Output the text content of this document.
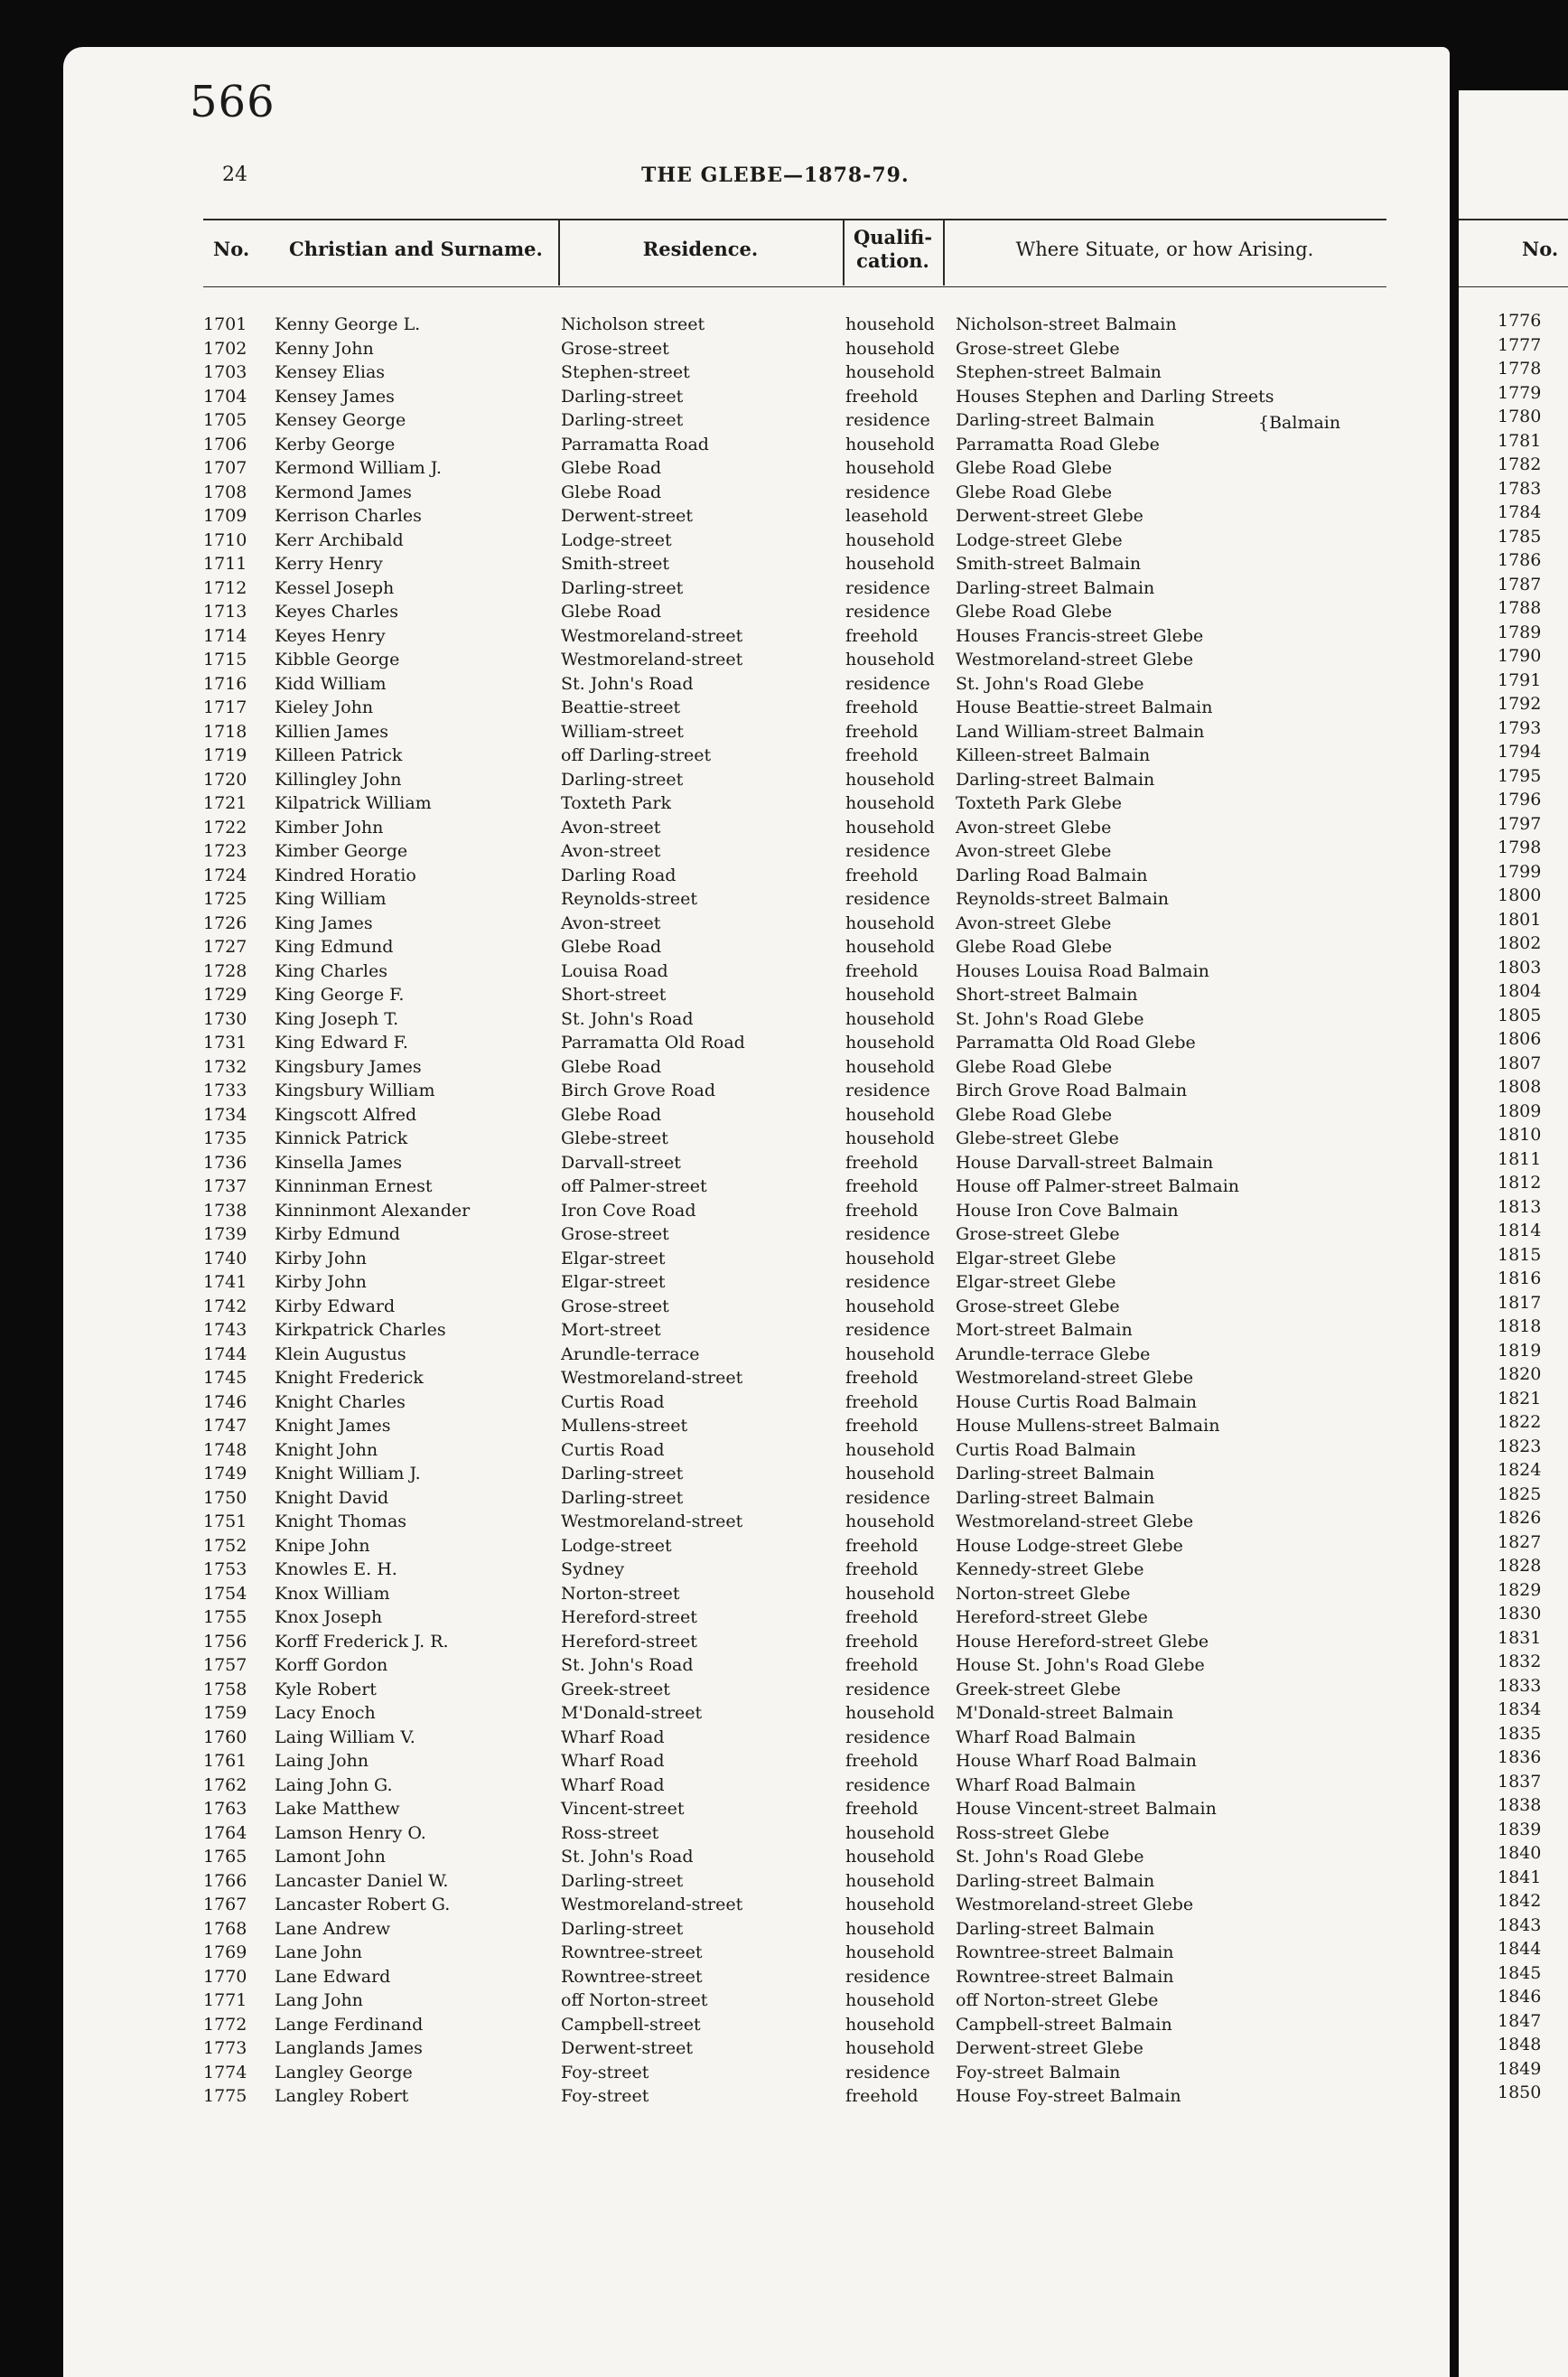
566
24	THE GLEBE—1878-79.
No. Christian and Surname.	Residence.
Qualifi-
cation.	Where Situate, or how Arising.
1701 Kenny George L.	Nicholson street	household Nicholson-street Balmain
1702 Kenny John	Grose-street	household Grose-street Glebe
1703 Kensey Elias	Stephen-street	household Stephen-street Balmain
1704 Kensey James	Darling-street	freehold Houses Stephen and Darling Streets
1705 Kensey George	Darling-street	residence Darling-street Balmain
1706 Kerby George	Parramatta Road	household Parramatta Road Glebe
1707 Kermond William J.	Glebe Road	household Glebe Road Glebe
1708 Kermond James	Glebe Road	residence Glebe Road Glebe
1709 Kerrison Charles	Derwent-street	leasehold Derwent-street Glebe
1710 Kerr Archibald	Lodge-street	household Lodge-street Glebe
1711 Kerry Henry	Smith-street	household Smith-street Balmain
1712 Kessel Joseph	Darling-street	residence Darling-street Balmain
1713 Keyes Charles	Glebe Road	residence Glebe Road Glebe
1714 Keyes Henry	Westmoreland-street	freehold Houses Francis-street Glebe
1715 Kibble George	Westmoreland-street	household Westmoreland-street Glebe
1716 Kidd William	St. John's Road	residence St. John's Road Glebe
1717 Kieley John	Beattie-street	freehold House Beattie-street Balmain
1718 Killien James	William-street	freehold Land William-street Balmain
1719 Killeen Patrick	off Darling-street	freehold Killeen-street Balmain
1720 Killingley John	Darling-street	household Darling-street Balmain
1721 Kilpatrick William	Toxteth Park	household Toxteth Park Glebe
1722 Kimber John	Avon-street	household Avon-street Glebe
1723 Kimber George	Avon-street	residence Avon-street Glebe
1724 Kindred Horatio	Darling Road	freehold Darling Road Balmain
1725 King William	Reynolds-street	residence Reynolds-street Balmain
1726 King James	Avon-street	household Avon-street Glebe
1727 King Edmund	Glebe Road	household Glebe Road Glebe
1728 King Charles	Louisa Road	freehold Houses Louisa Road Balmain
1729 King George F.	Short-street	household Short-street Balmain
1730 King Joseph T.	St. John's Road	household St. John's Road Glebe
1731 King Edward F.	Parramatta Old Road	household Parramatta Old Road Glebe
1732 Kingsbury James	Glebe Road	household Glebe Road Glebe
1733 Kingsbury William	Birch Grove Road	residence Birch Grove Road Balmain
1734 Kingscott Alfred	Glebe Road	household Glebe Road Glebe
1735 Kinnick Patrick	Glebe-street	household Glebe-street Glebe
1736 Kinsella James	Darvall-street	freehold House Darvall-street Balmain
1737 Kinninman Ernest	off Palmer-street	freehold House off Palmer-street Balmain
1738 Kinninmont Alexander	Iron Cove Road	freehold House Iron Cove Balmain
1739 Kirby Edmund	Grose-street	residence Grose-street Glebe
1740 Kirby John	Elgar-street	household Elgar-street Glebe
1741 Kirby John	Elgar-street	residence Elgar-street Glebe
1742 Kirby Edward	Grose-street	household Grose-street Glebe
1743 Kirkpatrick Charles	Mort-street	residence Mort-street Balmain
1744 Klein Augustus	Arundle-terrace	household Arundle-terrace Glebe
1745 Knight Frederick	Westmoreland-street	freehold Westmoreland-street Glebe
1746 Knight Charles	Curtis Road	freehold House Curtis Road Balmain
1747 Knight James	Mullens-street	freehold House Mullens-street Balmain
1748 Knight John	Curtis Road	household Curtis Road Balmain
1749 Knight William J.	Darling-street	household Darling-street Balmain
1750 Knight David	Darling-street	residence Darling-street Balmain
1751 Knight Thomas	Westmoreland-street	household Westmoreland-street Glebe
1752 Knipe John	Lodge-street	freehold House Lodge-street Glebe
1753 Knowles E. H.	Sydney	freehold Kennedy-street Glebe
1754 Knox William	Norton-street	household Norton-street Glebe
1755 Knox Joseph	Hereford-street	freehold Hereford-street Glebe
1756 Korff Frederick J. R.	Hereford-street	freehold House Hereford-street Glebe
1757 Korff Gordon	St. John's Road	freehold House St. John's Road Glebe
1758 Kyle Robert	Greek-street	residence Greek-street Glebe
1759 Lacy Enoch	M'Donald-street	household M'Donald-street Balmain
1760 Laing William V.	Wharf Road	residence Wharf Road Balmain
1761 Laing John	Wharf Road	freehold House Wharf Road Balmain
1762 Laing John G.	Wharf Road	residence Wharf Road Balmain
1763 Lake Matthew	Vincent-street	freehold House Vincent-street Balmain
1764 Lamson Henry O.	Ross-street	household Ross-street Glebe
1765 Lamont John	St. John's Road	household St. John's Road Glebe
1766 Lancaster Daniel W.	Darling-street	household Darling-street Balmain
1767 Lancaster Robert G.	Westmoreland-street	household Westmoreland-street Glebe
1768 Lane Andrew	Darling-street	household Darling-street Balmain
1769 Lane John	Rowntree-street	household Rowntree-street Balmain
1770 Lane Edward	Rowntree-street	residence Rowntree-street Balmain
1771 Lang John	off Norton-street	household off Norton-street Glebe
1772 Lange Ferdinand	Campbell-street	household Campbell-street Balmain
1773 Langlands James	Derwent-street	household Derwent-street Glebe
1774 Langley George	Foy-street	residence Foy-street Balmain
1775 Langley Robert	Foy-street	freehold House Foy-street Balmain
{Balmain
No.
1776
1777
1778
1779
1780
1781
1782
1783
1784
1785
1786
1787
1788
1789
1790
1791
1792
1793
1794
1795
1796
1797
1798
1799
1800
1801
1802
1803
1804
1805
1806
1807
1808
1809
1810
1811
1812
1813
1814
1815
1816
1817
1818
1819
1820
1821
1822
1823
1824
1825
1826
1827
1828
1829
1830
1831
1832
1833
1834
1835
1836
1837
1838
1839
1840
1841
1842
1843
1844
1845
1846
1847
1848
1849
1850
